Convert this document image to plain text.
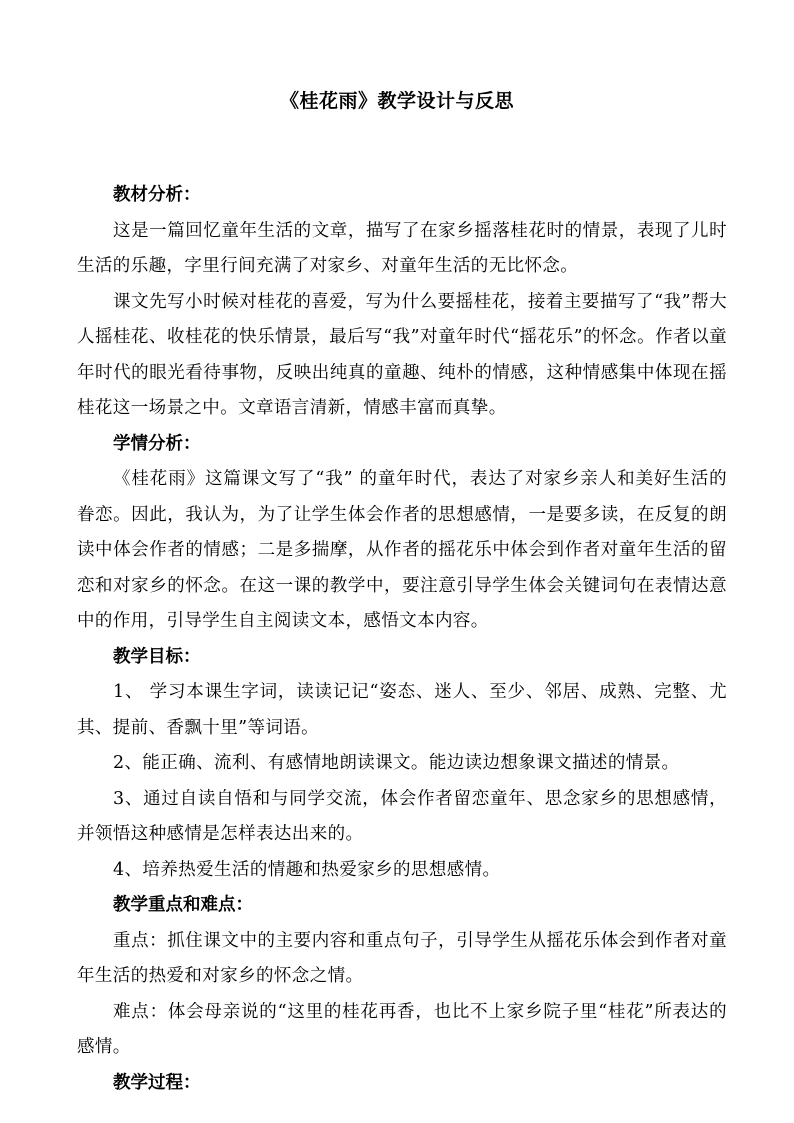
《桂花雨》教学设计与反思

教材分析：

这是一篇回忆童年生活的文章，描写了在家乡摇落桂花时的情景，表现了儿时生活的乐趣，字里行间充满了对家乡、对童年生活的无比怀念。

课文先写小时候对桂花的喜爱，写为什么要摇桂花，接着主要描写了“我”帮大人摇桂花、收桂花的快乐情景，最后写“我”对童年时代“摇花乐”的怀念。作者以童年时代的眼光看待事物，反映出纯真的童趣、纯朴的情感，这种情感集中体现在摇桂花这一场景之中。文章语言清新，情感丰富而真挚。

学情分析：

《桂花雨》这篇课文写了“我” 的童年时代，表达了对家乡亲人和美好生活的眷恋。因此，我认为，为了让学生体会作者的思想感情，一是要多读，在反复的朗读中体会作者的情感；二是多揣摩，从作者的摇花乐中体会到作者对童年生活的留恋和对家乡的怀念。在这一课的教学中，要注意引导学生体会关键词句在表情达意中的作用，引导学生自主阅读文本，感悟文本内容。

教学目标：

1、 学习本课生字词，读读记记“姿态、迷人、至少、邻居、成熟、完整、尤其、提前、香飘十里”等词语。

2、能正确、流利、有感情地朗读课文。能边读边想象课文描述的情景。

3、通过自读自悟和与同学交流，体会作者留恋童年、思念家乡的思想感情，并领悟这种感情是怎样表达出来的。

4、培养热爱生活的情趣和热爱家乡的思想感情。

教学重点和难点：

重点：抓住课文中的主要内容和重点句子，引导学生从摇花乐体会到作者对童年生活的热爱和对家乡的怀念之情。

难点：体会母亲说的“这里的桂花再香，也比不上家乡院子里“桂花”所表达的感情。

教学过程：
